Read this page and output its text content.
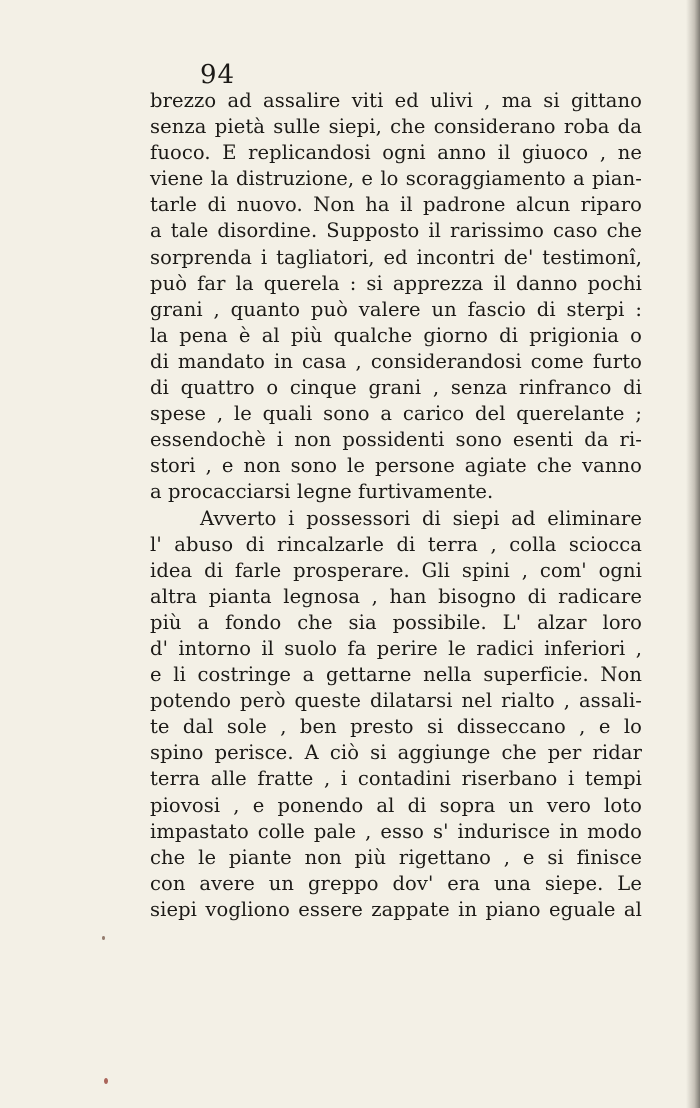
94
brezzo ad assalire viti ed ulivi , ma si gittano
senza pietà sulle siepi, che considerano roba da
fuoco. E replicandosi ogni anno il giuoco , ne
viene la distruzione, e lo scoraggiamento a pian-
tarle di nuovo. Non ha il padrone alcun riparo
a tale disordine. Supposto il rarissimo caso che
sorprenda i tagliatori, ed incontri de' testimonî,
può far la querela : si apprezza il danno pochi
grani , quanto può valere un fascio di sterpi :
la pena è al più qualche giorno di prigionia o
di mandato in casa , considerandosi come furto
di quattro o cinque grani , senza rinfranco di
spese , le quali sono a carico del querelante ;
essendochè i non possidenti sono esenti da ri-
stori , e non sono le persone agiate che vanno
a procacciarsi legne furtivamente.
Avverto i possessori di siepi ad eliminare
l' abuso di rincalzarle di terra , colla sciocca
idea di farle prosperare. Gli spini , com' ogni
altra pianta legnosa , han bisogno di radicare
più a fondo che sia possibile. L' alzar loro
d' intorno il suolo fa perire le radici inferiori ,
e li costringe a gettarne nella superficie. Non
potendo però queste dilatarsi nel rialto , assali-
te dal sole , ben presto si disseccano , e lo
spino perisce. A ciò si aggiunge che per ridar
terra alle fratte , i contadini riserbano i tempi
piovosi , e ponendo al di sopra un vero loto
impastato colle pale , esso s' indurisce in modo
che le piante non più rigettano , e si finisce
con avere un greppo dov' era una siepe. Le
siepi vogliono essere zappate in piano eguale al
